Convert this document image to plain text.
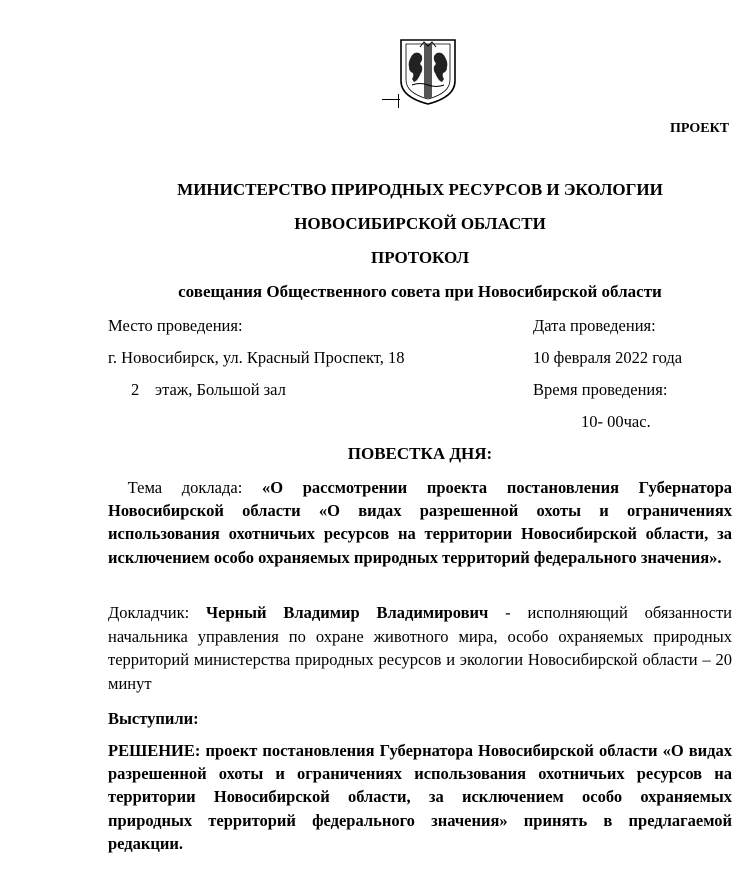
ПРОЕКТ
МИНИСТЕРСТВО ПРИРОДНЫХ РЕСУРСОВ И ЭКОЛОГИИ
НОВОСИБИРСКОЙ ОБЛАСТИ
ПРОТОКОЛ
совещания Общественного совета при Новосибирской области
Место проведения:
г. Новосибирск, ул. Красный Проспект, 18
2 этаж, Большой зал
Дата проведения:
10 февраля 2022 года
Время проведения:
10- 00час.
ПОВЕСТКА ДНЯ:
Тема доклада: «О рассмотрении проекта постановления Губернатора Новосибирской области «О видах разрешенной охоты и ограничениях использования охотничьих ресурсов на территории Новосибирской области, за исключением особо охраняемых природных территорий федерального значения».
Докладчик: Черный Владимир Владимирович - исполняющий обязанности начальника управления по охране животного мира, особо охраняемых природных территорий министерства природных ресурсов и экологии Новосибирской области – 20 минут
Выступили:
РЕШЕНИЕ: проект постановления Губернатора Новосибирской области «О видах разрешенной охоты и ограничениях использования охотничьих ресурсов на территории Новосибирской области, за исключением особо охраняемых природных территорий федерального значения» принять в предлагаемой редакции.
